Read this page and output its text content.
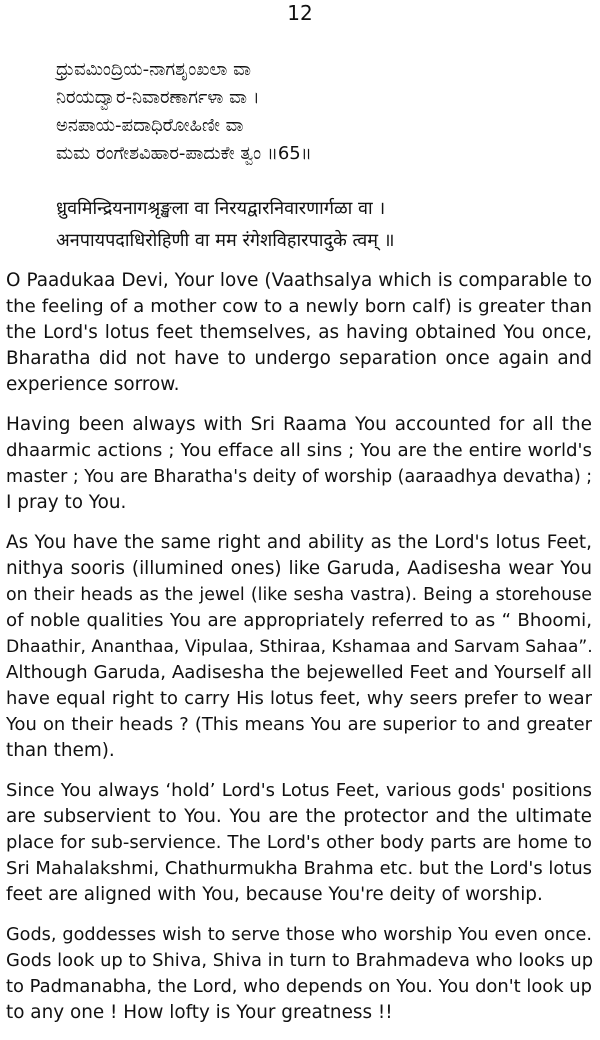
12
ಧ್ರುವಮಿಂದ್ರಿಯ-ನಾಗಶೃಂಖಲಾ ವಾ
ನಿರಯದ್ವಾರ-ನಿವಾರಣಾರ್ಗಳಾ ವಾ ।
ಅನಪಾಯ-ಪದಾಧಿರೋಹಿಣೀ ವಾ
ಮಮ ರಂಗೇಶವಿಹಾರ-ಪಾದುಕೇ ತ್ವಂ ॥65॥
ध्रुवमिन्द्रियनागश्रृङ्खला वा निरयद्वारनिवारणार्गळा वा ।
अनपायपदाधिरोहिणी वा मम रंगेशविहारपादुके त्वम् ॥

O Paadukaa Devi, Your love (Vaathsalya which is comparable to
the feeling of a mother cow to a newly born calf) is greater than
the Lord's lotus feet themselves, as having obtained You once,
Bharatha did not have to undergo separation once again and
experience sorrow.

Having been always with Sri Raama You accounted for all the
dhaarmic actions ; You efface all sins ; You are the entire world's
master ; You are Bharatha's deity of worship (aaraadhya devatha) ;
I pray to You.

As You have the same right and ability as the Lord's lotus Feet,
nithya sooris (illumined ones) like Garuda, Aadisesha wear You
on their heads as the jewel (like sesha vastra). Being a storehouse
of noble qualities You are appropriately referred to as “ Bhoomi,
Dhaathir, Ananthaa, Vipulaa, Sthiraa, Kshamaa and Sarvam Sahaa”.
Although Garuda, Aadisesha the bejewelled Feet and Yourself all
have equal right to carry His lotus feet, why seers prefer to wear
You on their heads ? (This means You are superior to and greater
than them).

Since You always ‘hold’ Lord's Lotus Feet, various gods' positions
are subservient to You. You are the protector and the ultimate
place for sub-servience. The Lord's other body parts are home to
Sri Mahalakshmi, Chathurmukha Brahma etc. but the Lord's lotus
feet are aligned with You, because You're deity of worship.

Gods, goddesses wish to serve those who worship You even once.
Gods look up to Shiva, Shiva in turn to Brahmadeva who looks up
to Padmanabha, the Lord, who depends on You. You don't look up
to any one ! How lofty is Your greatness !!
